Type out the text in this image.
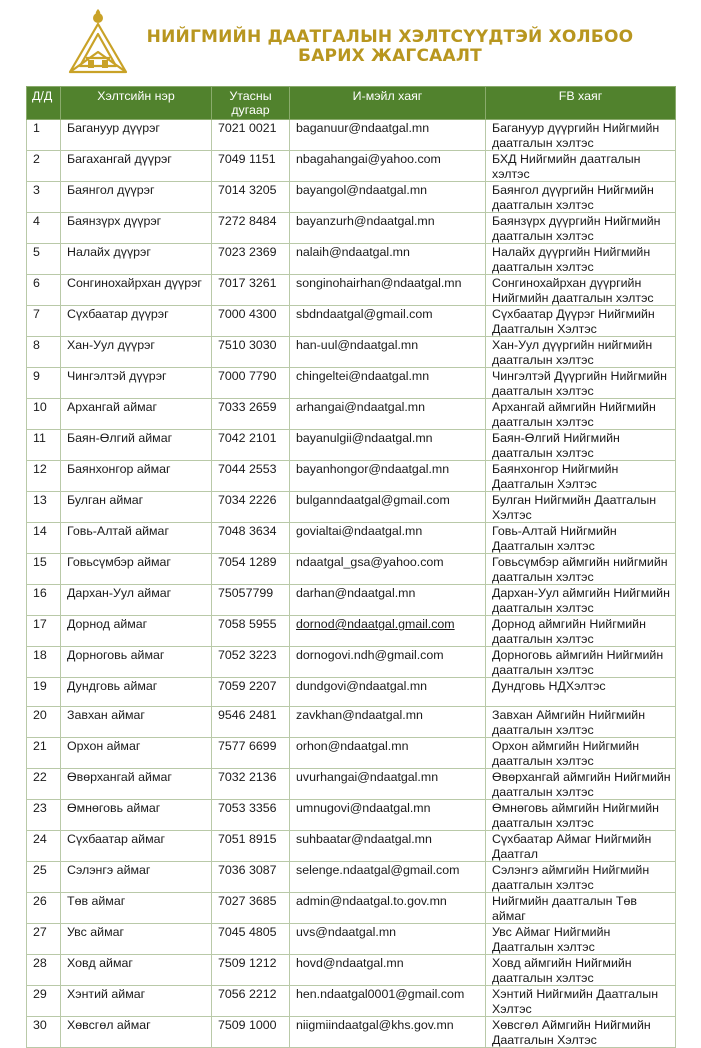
НИЙГМИЙН ДААТГАЛЫН ХЭЛТСҮҮДТЭЙ ХОЛБОО
БАРИХ ЖАГСААЛТ
Д/Д	Хэлтсийн нэр	Утасны дугаар	И-мэйл хаяг	FB хаяг
1	Багануур дүүрэг	7021 0021	baganuur@ndaatgal.mn	Багануур дүүргийн Нийгмийн даатгалын хэлтэс
2	Багахангай дүүрэг	7049 1151	nbagahangai@yahoo.com	БХД Нийгмийн даатгалын хэлтэс
3	Баянгол дүүрэг	7014 3205	bayangol@ndaatgal.mn	Баянгол дүүргийн Нийгмийн даатгалын хэлтэс
4	Баянзүрх дүүрэг	7272 8484	bayanzurh@ndaatgal.mn	Баянзүрх дүүргийн Нийгмийн даатгалын хэлтэс
5	Налайх дүүрэг	7023 2369	nalaih@ndaatgal.mn	Налайх дүүргийн Нийгмийн даатгалын хэлтэс
6	Сонгинохайрхан дүүрэг	7017 3261	songinohairhan@ndaatgal.mn	Сонгинохайрхан дүүргийн Нийгмийн даатгалын хэлтэс
7	Сүхбаатар дүүрэг	7000 4300	sbdndaatgal@gmail.com	Сүхбаатар Дүүрэг Нийгмийн Даатгалын Хэлтэс
8	Хан-Уул дүүрэг	7510 3030	han-uul@ndaatgal.mn	Хан-Уул дүүргийн нийгмийн даатгалын хэлтэс
9	Чингэлтэй дүүрэг	7000 7790	chingeltei@ndaatgal.mn	Чингэлтэй Дүүргийн Нийгмийн даатгалын хэлтэс
10	Архангай аймаг	7033 2659	arhangai@ndaatgal.mn	Архангай аймгийн Нийгмийн даатгалын хэлтэс
11	Баян-Өлгий аймаг	7042 2101	bayanulgii@ndaatgal.mn	Баян-Өлгий Нийгмийн даатгалын хэлтэс
12	Баянхонгор аймаг	7044 2553	bayanhongor@ndaatgal.mn	Баянхонгор Нийгмийн Даатгалын Хэлтэс
13	Булган аймаг	7034 2226	bulganndaatgal@gmail.com	Булган Нийгмийн Даатгалын Хэлтэс
14	Говь-Алтай аймаг	7048 3634	govialtai@ndaatgal.mn	Говь-Алтай Нийгмийн Даатгалын хэлтэс
15	Говьсүмбэр аймаг	7054 1289	ndaatgal_gsa@yahoo.com	Говьсүмбэр аймгийн нийгмийн даатгалын хэлтэс
16	Дархан-Уул аймаг	75057799	darhan@ndaatgal.mn	Дархан-Уул аймгийн Нийгмийн даатгалын хэлтэс
17	Дорнод аймаг	7058 5955	dornod@ndaatgal.gmail.com	Дорнод аймгийн Нийгмийн даатгалын хэлтэс
18	Дорноговь аймаг	7052 3223	dornogovi.ndh@gmail.com	Дорноговь аймгийн Нийгмийн даатгалын хэлтэс
19	Дундговь аймаг	7059 2207	dundgovi@ndaatgal.mn	Дундговь НДХэлтэс
20	Завхан аймаг	9546 2481	zavkhan@ndaatgal.mn	Завхан Аймгийн Нийгмийн даатгалын хэлтэс
21	Орхон аймаг	7577 6699	orhon@ndaatgal.mn	Орхон аймгийн Нийгмийн даатгалын хэлтэс
22	Өвөрхангай аймаг	7032 2136	uvurhangai@ndaatgal.mn	Өвөрхангай аймгийн Нийгмийн даатгалын хэлтэс
23	Өмнөговь аймаг	7053 3356	umnugovi@ndaatgal.mn	Өмнөговь аймгийн Нийгмийн даатгалын хэлтэс
24	Сүхбаатар аймаг	7051 8915	suhbaatar@ndaatgal.mn	Сүхбаатар Аймаг Нийгмийн Даатгал
25	Сэлэнгэ аймаг	7036 3087	selenge.ndaatgal@gmail.com	Сэлэнгэ аймгийн Нийгмийн даатгалын хэлтэс
26	Төв аймаг	7027 3685	admin@ndaatgal.to.gov.mn	Нийгмийн даатгалын Төв аймаг
27	Увс аймаг	7045 4805	uvs@ndaatgal.mn	Увс Аймаг Нийгмийн Даатгалын хэлтэс
28	Ховд аймаг	7509 1212	hovd@ndaatgal.mn	Ховд аймгийн Нийгмийн даатгалын хэлтэс
29	Хэнтий аймаг	7056 2212	hen.ndaatgal0001@gmail.com	Хэнтий Нийгмийн Даатгалын Хэлтэс
30	Хөвсгөл аймаг	7509 1000	niigmiindaatgal@khs.gov.mn	Хөвсгөл Аймгийн Нийгмийн Даатгалын Хэлтэс
